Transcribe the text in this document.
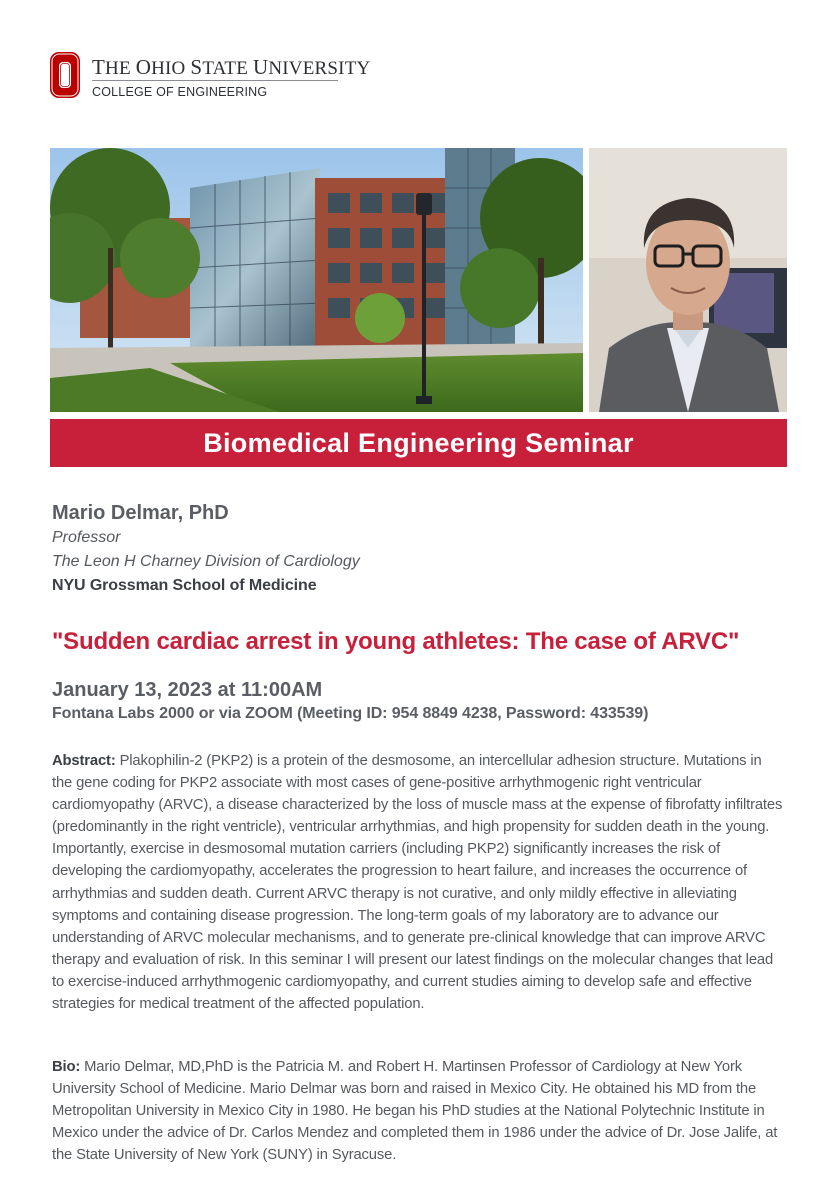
THE OHIO STATE UNIVERSITY
COLLEGE OF ENGINEERING
Biomedical Engineering Seminar
Mario Delmar, PhD
Professor
The Leon H Charney Division of Cardiology
NYU Grossman School of Medicine
"Sudden cardiac arrest in young athletes: The case of ARVC"
January 13, 2023 at 11:00AM
Fontana Labs 2000 or via ZOOM (Meeting ID: 954 8849 4238, Password: 433539)
Abstract: Plakophilin-2 (PKP2) is a protein of the desmosome, an intercellular adhesion structure. Mutations in the gene coding for PKP2 associate with most cases of gene-positive arrhythmogenic right ventricular cardiomyopathy (ARVC), a disease characterized by the loss of muscle mass at the expense of fibrofatty infiltrates (predominantly in the right ventricle), ventricular arrhythmias, and high propensity for sudden death in the young. Importantly, exercise in desmosomal mutation carriers (including PKP2) significantly increases the risk of developing the cardiomyopathy, accelerates the progression to heart failure, and increases the occurrence of arrhythmias and sudden death. Current ARVC therapy is not curative, and only mildly effective in alleviating symptoms and containing disease progression. The long-term goals of my laboratory are to advance our understanding of ARVC molecular mechanisms, and to generate pre-clinical knowledge that can improve ARVC therapy and evaluation of risk. In this seminar I will present our latest findings on the molecular changes that lead to exercise-induced arrhythmogenic cardiomyopathy, and current studies aiming to develop safe and effective strategies for medical treatment of the affected population.
Bio: Mario Delmar, MD,PhD is the Patricia M. and Robert H. Martinsen Professor of Cardiology at New York University School of Medicine. Mario Delmar was born and raised in Mexico City. He obtained his MD from the Metropolitan University in Mexico City in 1980. He began his PhD studies at the National Polytechnic Institute in Mexico under the advice of Dr. Carlos Mendez and completed them in 1986 under the advice of Dr. Jose Jalife, at the State University of New York (SUNY) in Syracuse.
